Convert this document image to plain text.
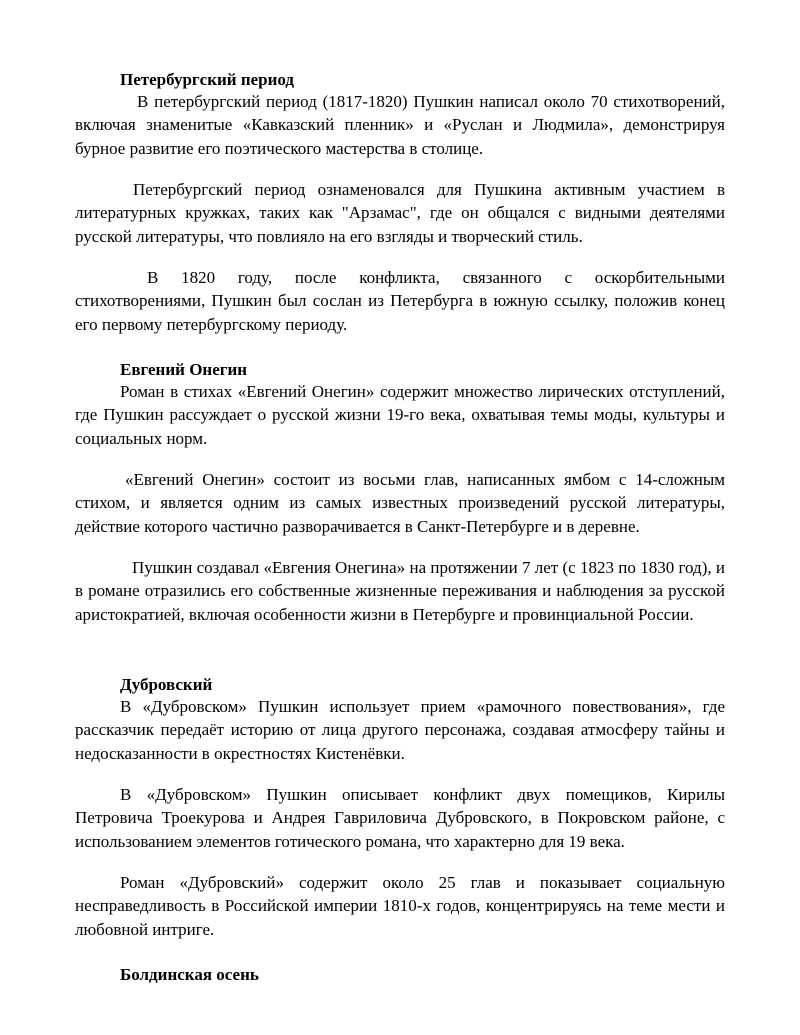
Петербургский период

В петербургский период (1817-1820) Пушкин написал около 70 стихотворений, включая знаменитые «Кавказский пленник» и «Руслан и Людмила», демонстрируя бурное развитие его поэтического мастерства в столице.

Петербургский период ознаменовался для Пушкина активным участием в литературных кружках, таких как "Арзамас", где он общался с видными деятелями русской литературы, что повлияло на его взгляды и творческий стиль.

В 1820 году, после конфликта, связанного с оскорбительными стихотворениями, Пушкин был сослан из Петербурга в южную ссылку, положив конец его первому петербургскому периоду.

Евгений Онегин

Роман в стихах «Евгений Онегин» содержит множество лирических отступлений, где Пушкин рассуждает о русской жизни 19-го века, охватывая темы моды, культуры и социальных норм.

«Евгений Онегин» состоит из восьми глав, написанных ямбом с 14-сложным стихом, и является одним из самых известных произведений русской литературы, действие которого частично разворачивается в Санкт-Петербурге и в деревне.

Пушкин создавал «Евгения Онегина» на протяжении 7 лет (с 1823 по 1830 год), и в романе отразились его собственные жизненные переживания и наблюдения за русской аристократией, включая особенности жизни в Петербурге и провинциальной России.

Дубровский

В «Дубровском» Пушкин использует прием «рамочного повествования», где рассказчик передаёт историю от лица другого персонажа, создавая атмосферу тайны и недосказанности в окрестностях Кистенёвки.

В «Дубровском» Пушкин описывает конфликт двух помещиков, Кирилы Петровича Троекурова и Андрея Гавриловича Дубровского, в Покровском районе, с использованием элементов готического романа, что характерно для 19 века.

Роман «Дубровский» содержит около 25 глав и показывает социальную несправедливость в Российской империи 1810-х годов, концентрируясь на теме мести и любовной интриге.

Болдинская осень
